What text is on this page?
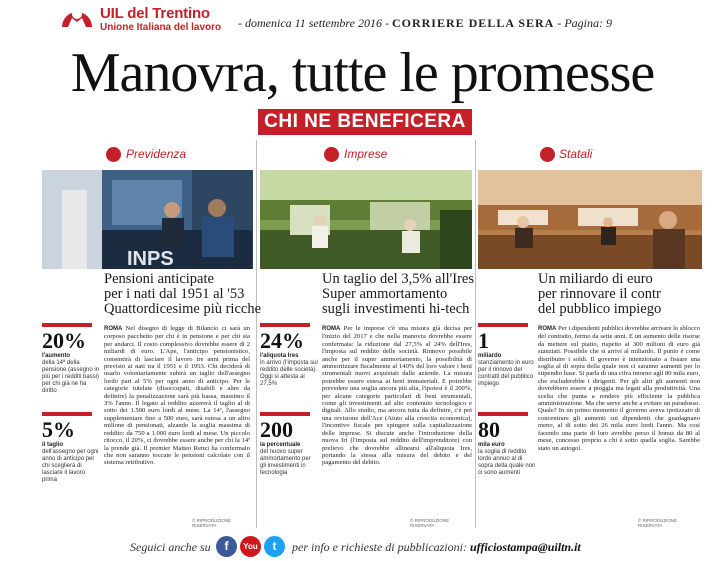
UIL del Trentino
Unione Italiana del lavoro - domenica 11 settembre 2016 - CORRIERE DELLA SERA - Pagina: 9
Manovra, tutte le promesse
CHI NE BENEFICERA
Previdenza
INPS
Pensioni anticipate
per i nati dal 1951 al '53
Quattordicesime più ricche
20%
l'aumento
della 14ª della pensione (assegno in più per i redditi bassi) per chi già ne ha diritto
5%
il taglio
dell'assegno per ogni anno di anticipo per chi sceglierà di lasciare il lavoro prima
ROMA Nel disegno di legge di Bilancio ci sarà un corposo pacchetto per chi è in pensione e per chi sta per andarci. Il costo complessivo dovrebbe essere di 2 miliardi di euro. L'Ape, l'anticipo pensionistico, consentirà di lasciare il lavoro tre anni prima del previsto ai nati tra il 1951 e il 1953. Chi deciderà di usarlo volontariamente subirà un taglio dell'assegno lordo pari al 5% per ogni anno di anticipo. Per le categorie tutelate (disoccupati, disabili e altre da definire) la penalizzazione sarà più bassa, massimo il 3% l'anno. Il legato al reddito azzererà il taglio al di sotto dei 1.500 euro lordi al mese. La 14ª, l'assegno supplementare fino a 500 euro, sarà estesa a un altro milione di pensionati, alzando la soglia massima di reddito: da 750 a 1.000 euro lordi al mese. Un piccolo ritocco, il 20%, ci dovrebbe essere anche per chi la 14ª la prende già. Il premier Matteo Renzi ha confermato che non saranno toccate le pensioni calcolate con il sistema retributivo.
© RIPRODUZIONE RISERVATA
Imprese
Un taglio del 3,5% all'Ires
Super ammortamento
sugli investimenti hi-tech
24%
l'aliquota Ires
in arrivo (l'imposta sul reddito delle società). Oggi si attesta al 27,5%
200
la percentuale
del nuovo super ammortamento per gli investimenti in tecnologia
ROMA Per le imprese c'è una misura già decisa per l'inizio del 2017 e che nella manovra dovrebbe essere confermata: la riduzione dal 27,5% al 24% dell'Ires, l'imposta sul reddito delle società. Rinnovo possibile anche per il super ammortamento, la possibilità di ammortizzare fiscalmente al 140% del loro valore i beni strumentali nuovi acquistati dalle aziende. La misura potrebbe essere estesa ai beni immateriali. E potrebbe prevedere una soglia ancora più alta, l'ipotesi è il 200%, per alcune categorie particolari di beni strumentali, come gli investimenti ad alto contenuto tecnologico e digitali. Allo studio, ma ancora tutta da definire, c'è poi una revisione dell'Ace (Aiuto alla crescita economica), l'incentivo fiscale per spingere sulla capitalizzazione delle imprese. Si discute anche l'introduzione della nuova Iri (l'imposta sul reddito dell'imprenditore) con prelievo che dovrebbe allinearsi all'aliquota Ires, portando la stessa alla misura del debito e del pagamento del debito.
© RIPRODUZIONE RISERVATA
Statali
Un miliardo di euro
per rinnovare il contr
del pubblico impiego
1
miliardo
stanziamento in euro per il rinnovo del contratti del pubblico impiego
80
mila euro
la soglia di reddito lordo annuo al di sopra della quale non ci sono aumenti
ROMA Per i dipendenti pubblici dovrebbe arrivare lo sblocco del contratto, fermo da sette anni. E un aumento delle risorse da mettere sul piatto, rispetto ai 300 milioni di euro già stanziati. Possibile che si arrivi al miliardo. Il punto è come distribuire i soldi. Il governo è intenzionato a fissare una soglia al di sopra della quale non ci saranno aumenti per lo stipendio base. Si parla di una cifra intorno agli 80 mila euro, che escluderebbe i dirigenti. Per gli altri gli aumenti non dovrebbero essere a pioggia ma legati alla produttività. Una scelta che punta a rendere più efficiente la pubblica amministrazione. Ma che serve anche a evitare un paradosso. Quale? In un primo momento il governo aveva ipotizzato di concentrare gli aumenti sui dipendenti che guadagnano meno, al di sotto dei 26 mila euro lordi l'anno. Ma così facendo una parte di loro avrebbe perso il bonus da 80 al mese, concesso proprio a chi è sotto quella soglia. Sarebbe stato un autogol.
© RIPRODUZIONE RISERVATA
Seguici anche su	f	You	t	per info e richieste di pubblicazioni: ufficiostampa@uiltn.it
